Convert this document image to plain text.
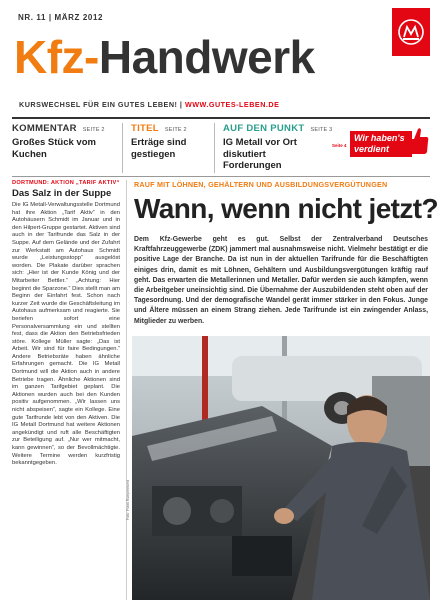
NR. 11 | MÄRZ 2012
Kfz-Handwerk
KURSWECHSEL FÜR EIN GUTES LEBEN! | WWW.GUTES-LEBEN.DE
KOMMENTAR SEITE 2
Großes Stück vom Kuchen
TITEL SEITE 2
Erträge sind gestiegen
AUF DEN PUNKT SEITE 3
IG Metall vor Ort diskutiert Forderungen
Seite 4
Wir haben's verdient
DORTMUND: AKTION „TARIF AKTIV“
Das Salz in der Suppe
Die IG Metall-Verwaltungsstelle Dortmund hat ihre Aktion „Tarif Aktiv“ in den Autohäusern Schmidt im Januar und in den Hilpert-Gruppe gestartet. Aktiven sind auch in der Tarifrunde das Salz in der Suppe. Auf dem Gelände und der Zufahrt zur Werkstatt am Autohaus Schmidt wurde „Leistungsstopp“ ausgelöst worden. Die Plakate darüber sprachen sich: „Hier ist der Kunde König und der Mitarbeiter Bettler.“ „Achtung: Hier beginnt die Sparzone.“ Dies stellt man am Beginn der Einfahrt fest. Schon nach kurzer Zeit wurde die Geschäftsleitung im Autohaus aufmerksam und reagierte. Sie beriefen sofort eine Personalversammlung ein und stellten fest, dass die Aktion den Betriebsfrieden störe. Kollege Müller sagte: „Das ist Arbeit. Wir sind für faire Bedingungen.“ Andere Betriebsräte haben ähnliche Erfahrungen gemacht. Die IG Metall Dortmund will die Aktion auch in andere Betriebe tragen. Ähnliche Aktionen sind im ganzen Tarifgebiet geplant. Die Aktionen wurden auch bei den Kunden positiv aufgenommen. „Wir lassen uns nicht abspeisen“, sagte ein Kollege. Eine gute Tarifrunde lebt von den Aktiven. Die IG Metall Dortmund hat weitere Aktionen angekündigt und ruft alle Beschäftigten zur Beteiligung auf. „Nur wer mitmacht, kann gewinnen“, so der Bevollmächtigte. Weitere Termine werden kurzfristig bekanntgegeben.
RAUF MIT LÖHNEN, GEHÄLTERN UND AUSBILDUNGSVERGÜTUNGEN
Wann, wenn nicht jetzt?
Dem Kfz-Gewerbe geht es gut. Selbst der Zentralverband Deutsches Kraftfahrzeuggewerbe (ZDK) jammert mal ausnahmsweise nicht. Vielmehr bestätigt er die positive Lage der Branche. Da ist nun in der aktuellen Tarifrunde für die Beschäftigten einiges drin, damit es mit Löhnen, Gehältern und Ausbildungsvergütungen kräftig rauf geht. Das erwarten die Metallerinnen und Metaller. Dafür werden sie auch kämpfen, wenn die Arbeitgeber uneinsichtig sind. Die Übernahme der Auszubildenden steht oben auf der Tagesordnung. Und der demografische Wandel gerät immer stärker in den Fokus. Junge und Ältere müssen an einem Strang ziehen. Jede Tarifrunde ist ein zwingender Anlass, Mitglieder zu werben.
Foto: Frank Rumpenhorst
